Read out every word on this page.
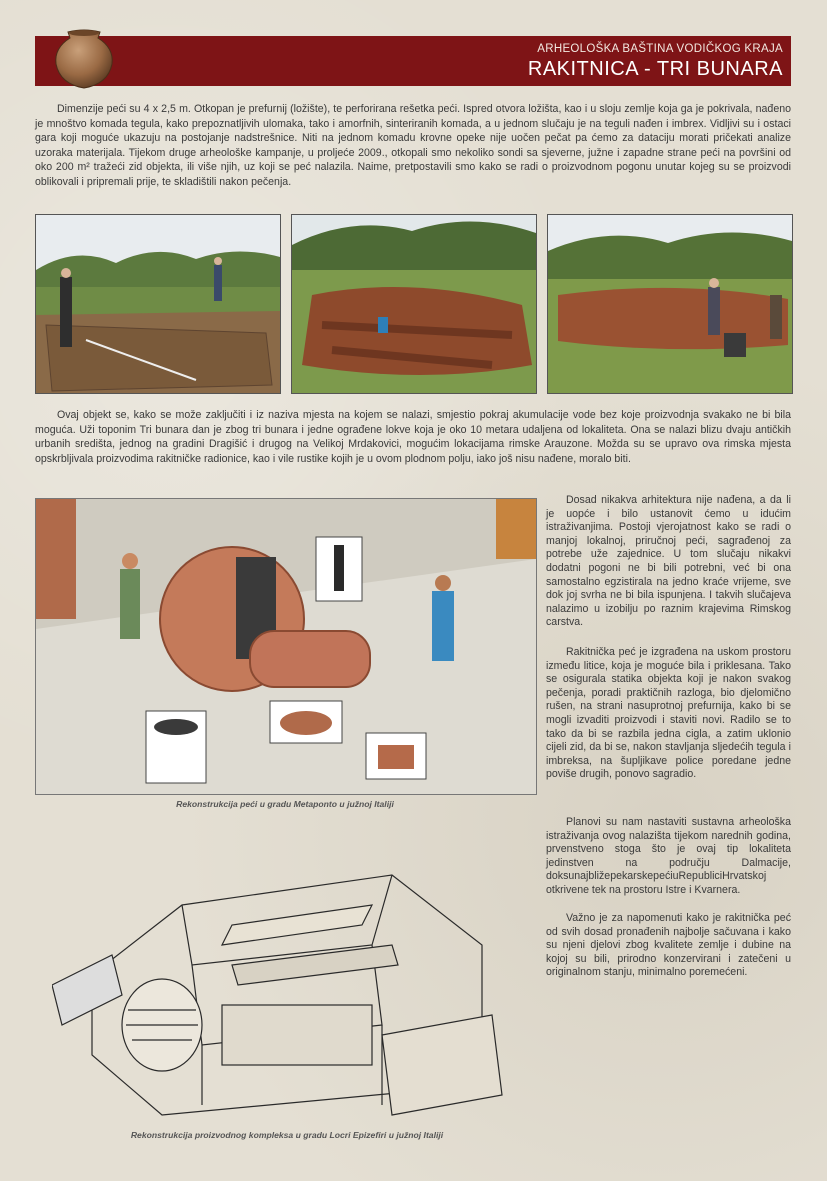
ARHEOLOŠKA BAŠTINA VODIČKOG KRAJA
RAKITNICA - TRI BUNARA

Dimenzije peći su 4 x 2,5 m. Otkopan je prefurnij (ložište), te perforirana rešetka peći. Ispred otvora ložišta, kao i u sloju zemlje koja ga je pokrivala, nađeno je mnoštvo komada tegula, kako prepoznatljivih ulomaka, tako i amorfnih, sinteriranih komada, a u jednom slučaju je na teguli nađen i imbrex. Vidljivi su i ostaci gara koji moguće ukazuju na postojanje nadstrešnice. Niti na jednom komadu krovne opeke nije uočen pečat pa ćemo za dataciju morati pričekati analize uzoraka materijala. Tijekom druge arheološke kampanje, u proljeće 2009., otkopali smo nekoliko sondi sa sjeverne, južne i zapadne strane peći na površini od oko 200 m² tražeći zid objekta, ili više njih, uz koji se peć nalazila. Naime, pretpostavili smo kako se radi o proizvodnom pogonu unutar kojeg su se proizvodi oblikovali i pripremali prije, te skladištili nakon pečenja.

Ovaj objekt se, kako se može zaključiti i iz naziva mjesta na kojem se nalazi, smjestio pokraj akumulacije vode bez koje proizvodnja svakako ne bi bila moguća. Uži toponim Tri bunara dan je zbog tri bunara i jedne ograđene lokve koja je oko 10 metara udaljena od lokaliteta. Ona se nalazi blizu dvaju antičkih urbanih središta, jednog na gradini Dragišić i drugog na Velikoj Mrdakovici, mogućim lokacijama rimske Arauzone. Možda su se upravo ova rimska mjesta opskrbljivala proizvodima rakitničke radionice, kao i vile rustike kojih je u ovom plodnom polju, iako još nisu nađene, moralo biti.

Rekonstrukcija peći u gradu Metaponto u južnoj Italiji
Rekonstrukcija proizvodnog kompleksa u gradu Locri Epizefiri u južnoj Italiji

Dosad nikakva arhitektura nije nađena, a da li je uopće i bilo ustanovit ćemo u idućim istraživanjima. Postoji vjerojatnost kako se radi o manjoj lokalnoj, priručnoj peći, sagrađenoj za potrebe uže zajednice. U tom slučaju nikakvi dodatni pogoni ne bi bili potrebni, već bi ona samostalno egzistirala na jedno kraće vrijeme, sve dok joj svrha ne bi bila ispunjena. I takvih slučajeva nalazimo u izobilju po raznim krajevima Rimskog carstva.

Rakitnička peć je izgrađena na uskom prostoru između litice, koja je moguće bila i priklesana. Tako se osigurala statika objekta koji je nakon svakog pečenja, poradi praktičnih razloga, bio djelomično rušen, na strani nasuprotnoj prefurnija, kako bi se mogli izvaditi proizvodi i staviti novi. Radilo se to tako da bi se razbila jedna cigla, a zatim uklonio cijeli zid, da bi se, nakon stavljanja sljedećih tegula i imbreksa, na šupljikave police poredane jedne poviše drugih, ponovo sagradio.

Planovi su nam nastaviti sustavna arheološka istraživanja ovog nalazišta tijekom narednih godina, prvenstveno stoga što je ovaj tip lokaliteta jedinstven na području Dalmacije, doksunajbližepekarskepećiuRepubliciHrvatskoj otkrivene tek na prostoru Istre i Kvarnera.

Važno je za napomenuti kako je rakitnička peć od svih dosad pronađenih najbolje sačuvana i kako su njeni djelovi zbog kvalitete zemlje i dubine na kojoj su bili, prirodno konzervirani i zatečeni u originalnom stanju, minimalno poremećeni.
